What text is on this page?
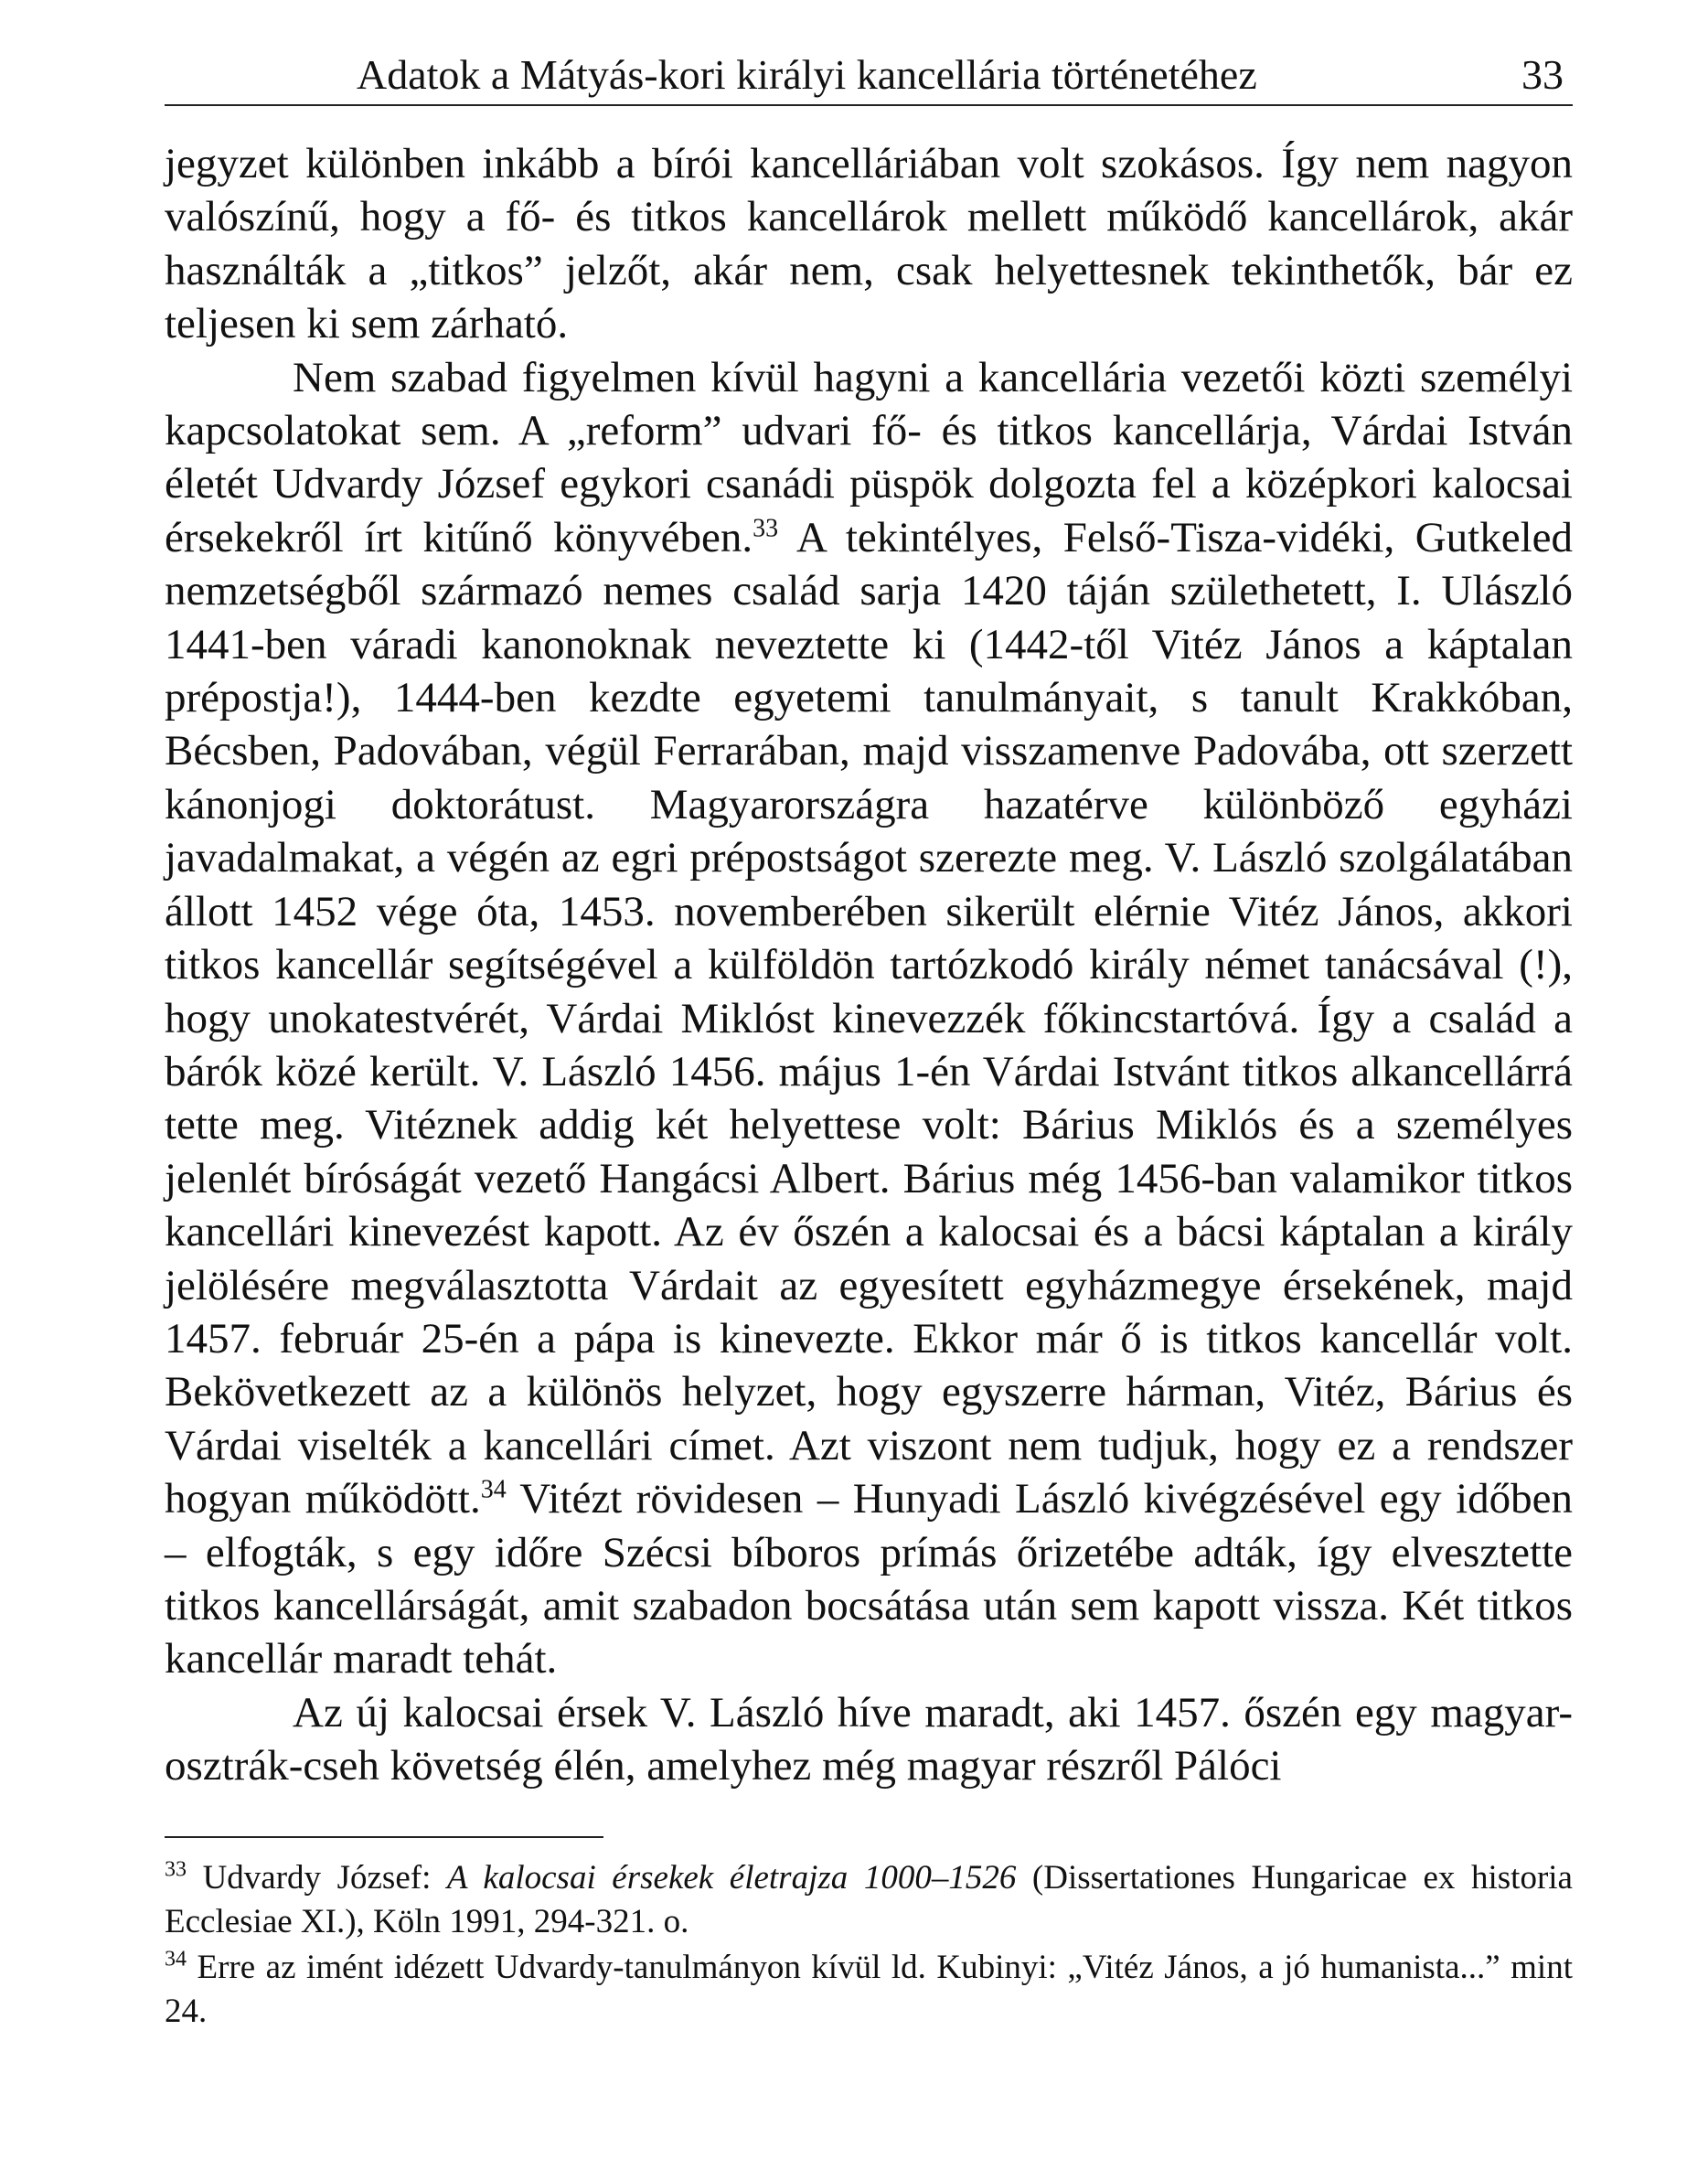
Adatok a Mátyás-kori királyi kancellária történetéhez	33

jegyzet különben inkább a bírói kancelláriában volt szokásos. Így nem nagyon valószínű, hogy a fő- és titkos kancellárok mellett működő kancellárok, akár használták a „titkos” jelzőt, akár nem, csak helyettesnek tekinthetők, bár ez teljesen ki sem zárható.

Nem szabad figyelmen kívül hagyni a kancellária vezetői közti személyi kapcsolatokat sem. A „reform” udvari fő- és titkos kancellárja, Várdai István életét Udvardy József egykori csanádi püspök dolgozta fel a középkori kalocsai érsekekről írt kitűnő könyvében.$^{33}$ A tekintélyes, Felső-Tisza-vidéki, Gutkeled nemzetségből származó nemes család sarja 1420 táján születhetett, I. Ulászló 1441-ben váradi kanonoknak neveztette ki (1442-től Vitéz János a káptalan prépostja!), 1444-ben kezdte egyetemi tanulmányait, s tanult Krakkóban, Bécsben, Padovában, végül Ferrarában, majd visszamenve Padovába, ott szerzett kánonjogi doktorátust. Magyarországra hazatérve különböző egyházi javadalmakat, a végén az egri prépostságot szerezte meg. V. László szolgálatában állott 1452 vége óta, 1453. novemberében sikerült elérnie Vitéz János, akkori titkos kancellár segítségével a külföldön tartózkodó király német tanácsával (!), hogy unokatestvérét, Várdai Miklóst kinevezzék főkincstartóvá. Így a család a bárók közé került. V. László 1456. május 1-én Várdai Istvánt titkos alkancellárrá tette meg. Vitéznek addig két helyettese volt: Bárius Miklós és a személyes jelenlét bíróságát vezető Hangácsi Albert. Bárius még 1456-ban valamikor titkos kancellári kinevezést kapott. Az év őszén a kalocsai és a bácsi káptalan a király jelölésére megválasztotta Várdait az egyesített egyházmegye érsekének, majd 1457. február 25-én a pápa is kinevezte. Ekkor már ő is titkos kancellár volt. Bekövetkezett az a különös helyzet, hogy egyszerre hárman, Vitéz, Bárius és Várdai viselték a kancellári címet. Azt viszont nem tudjuk, hogy ez a rendszer hogyan működött.$^{34}$ Vitézt rövidesen – Hunyadi László kivégzésével egy időben – elfogták, s egy időre Szécsi bíboros prímás őrizetébe adták, így elvesztette titkos kancellárságát, amit szabadon bocsátása után sem kapott vissza. Két titkos kancellár maradt tehát.

Az új kalocsai érsek V. László híve maradt, aki 1457. őszén egy magyar-osztrák-cseh követség élén, amelyhez még magyar részről Pálóci

$^{33}$ Udvardy József: A kalocsai érsekek életrajza 1000–1526 (Dissertationes Hungaricae ex historia Ecclesiae XI.), Köln 1991, 294-321. o.

$^{34}$ Erre az imént idézett Udvardy-tanulmányon kívül ld. Kubinyi: „Vitéz János, a jó humanista...” mint 24.
